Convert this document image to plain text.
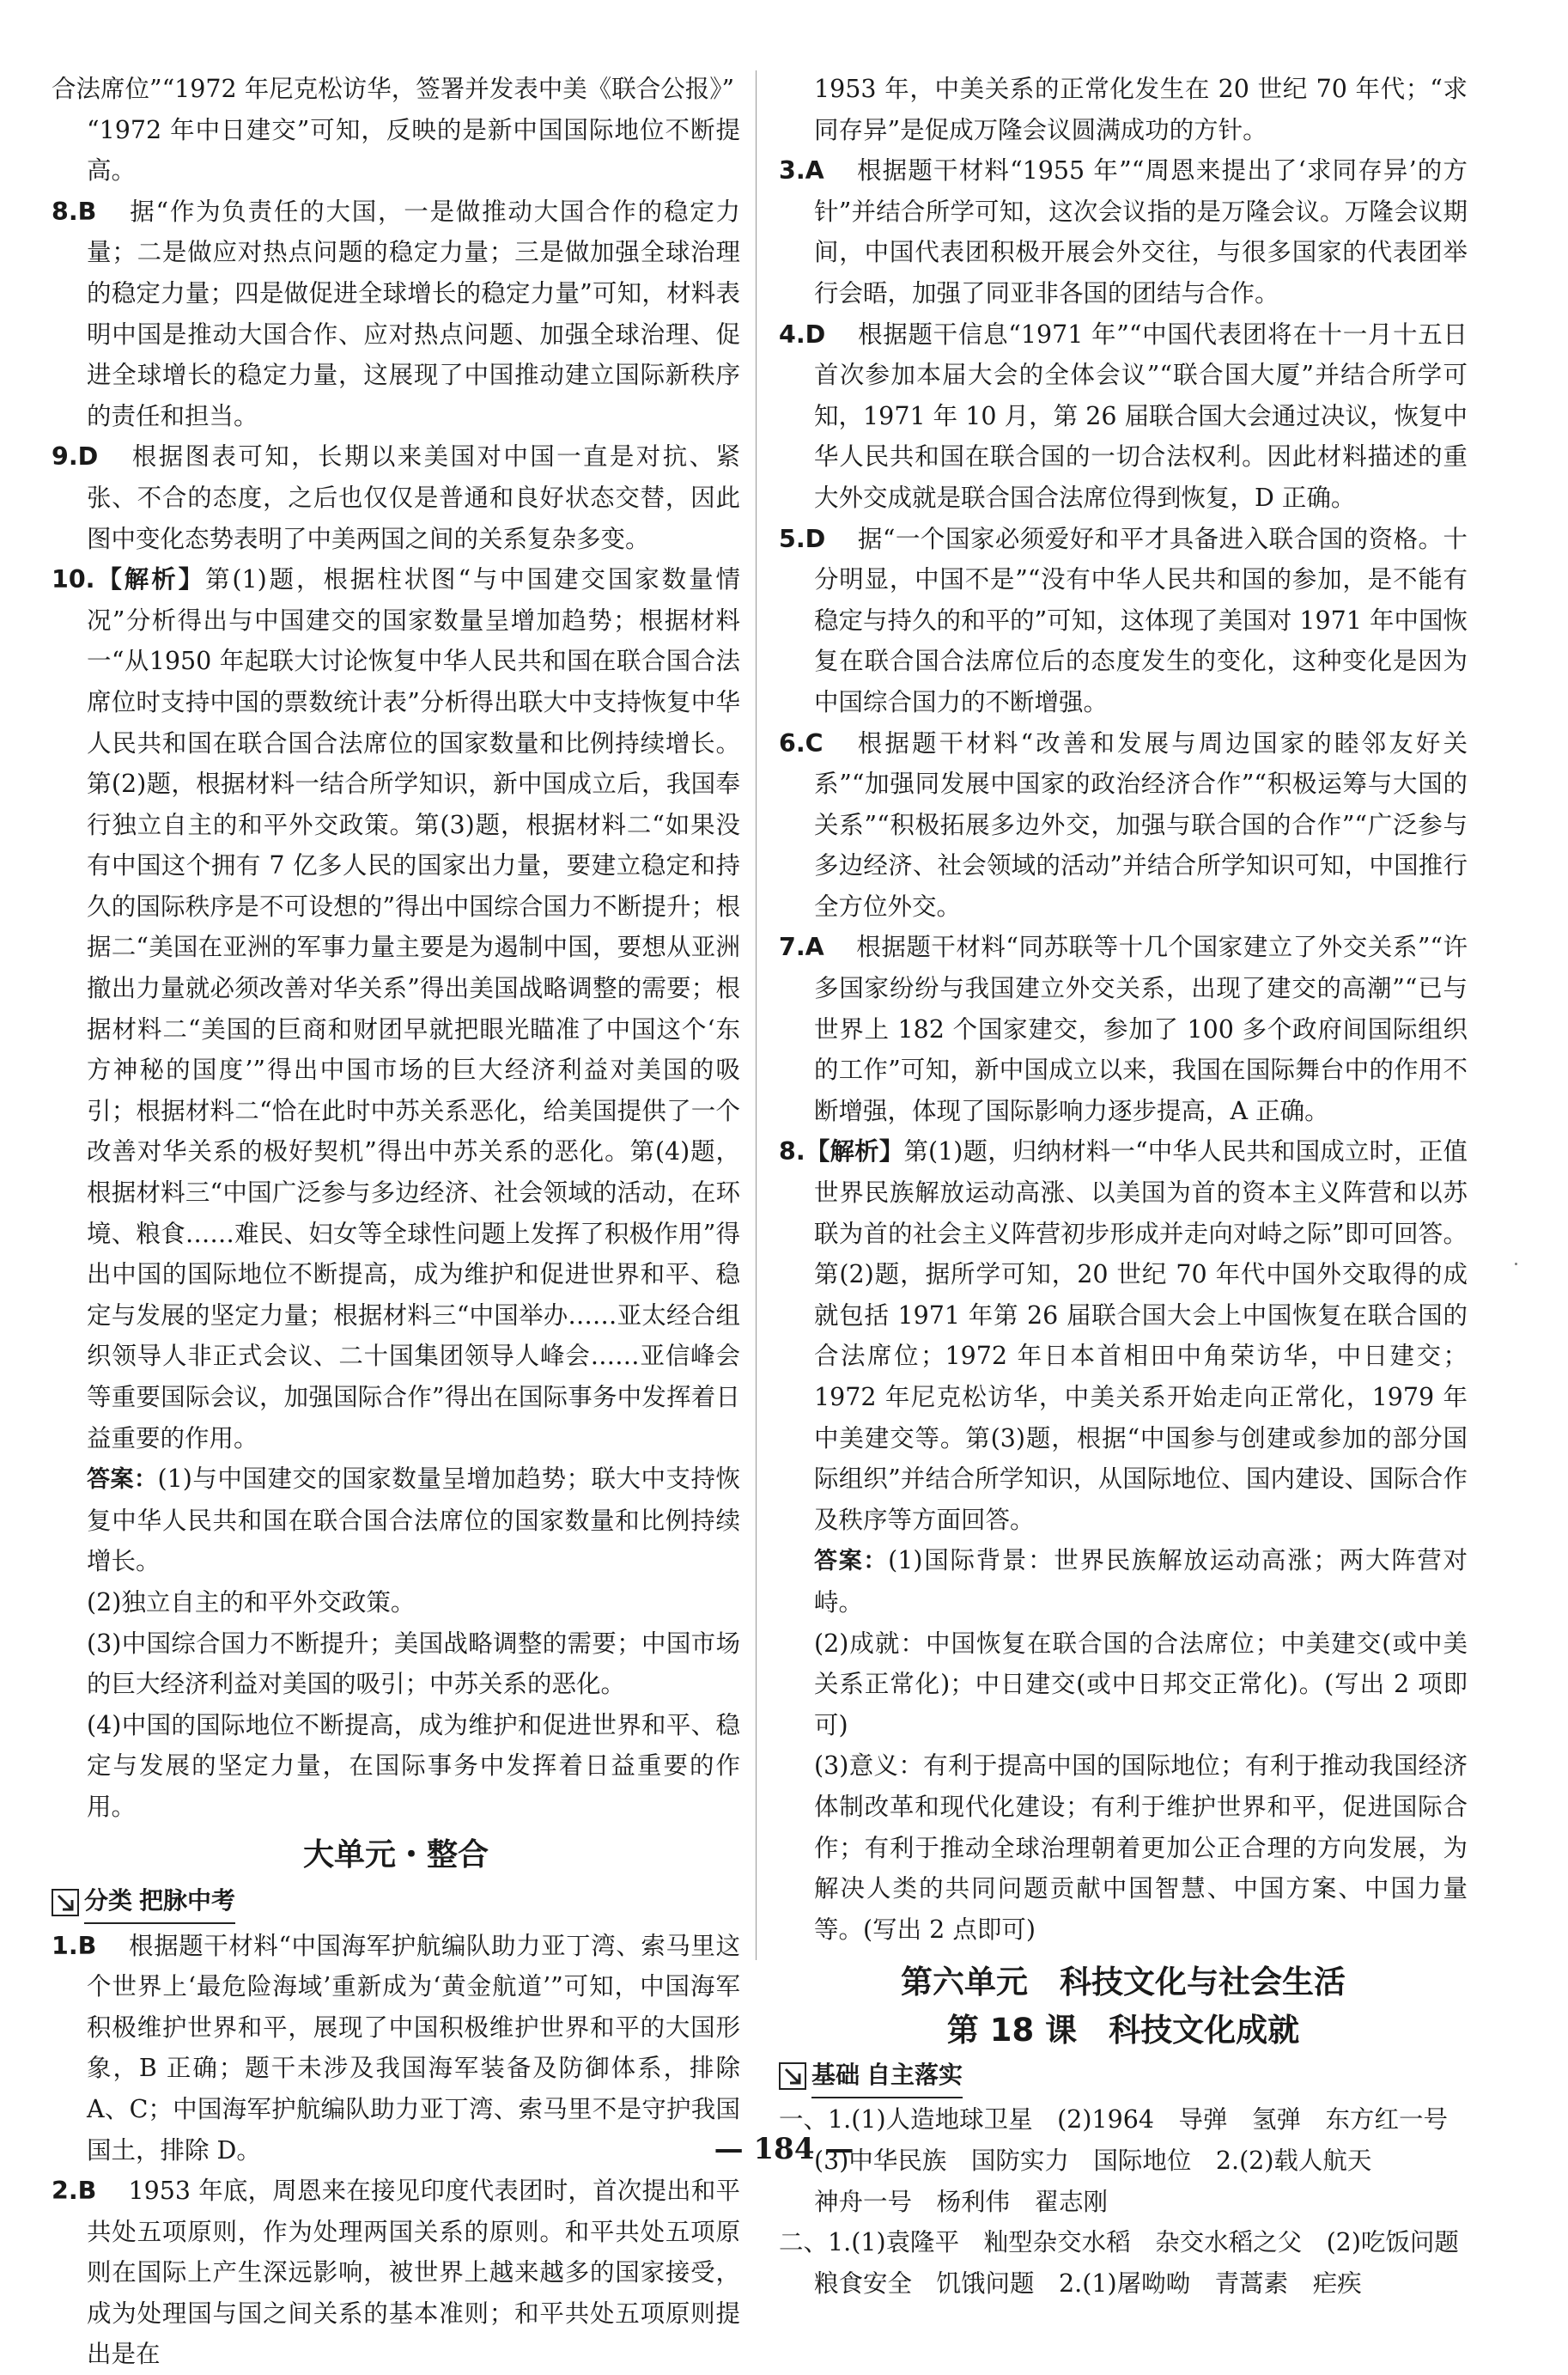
合法席位”“1972 年尼克松访华，签署并发表中美《联合公报》”

“1972 年中日建交”可知，反映的是新中国国际地位不断提高。

8.B 据“作为负责任的大国，一是做推动大国合作的稳定力量；二是做应对热点问题的稳定力量；三是做加强全球治理的稳定力量；四是做促进全球增长的稳定力量”可知，材料表明中国是推动大国合作、应对热点问题、加强全球治理、促进全球增长的稳定力量，这展现了中国推动建立国际新秩序的责任和担当。

9.D 根据图表可知，长期以来美国对中国一直是对抗、紧张、不合的态度，之后也仅仅是普通和良好状态交替，因此图中变化态势表明了中美两国之间的关系复杂多变。

10.【解析】第(1)题，根据柱状图“与中国建交国家数量情况”分析得出与中国建交的国家数量呈增加趋势；根据材料一“从1950 年起联大讨论恢复中华人民共和国在联合国合法席位时支持中国的票数统计表”分析得出联大中支持恢复中华人民共和国在联合国合法席位的国家数量和比例持续增长。第(2)题，根据材料一结合所学知识，新中国成立后，我国奉行独立自主的和平外交政策。第(3)题，根据材料二“如果没有中国这个拥有 7 亿多人民的国家出力量，要建立稳定和持久的国际秩序是不可设想的”得出中国综合国力不断提升；根据二“美国在亚洲的军事力量主要是为遏制中国，要想从亚洲撤出力量就必须改善对华关系”得出美国战略调整的需要；根据材料二“美国的巨商和财团早就把眼光瞄准了中国这个‘东方神秘的国度’”得出中国市场的巨大经济利益对美国的吸引；根据材料二“恰在此时中苏关系恶化，给美国提供了一个改善对华关系的极好契机”得出中苏关系的恶化。第(4)题，根据材料三“中国广泛参与多边经济、社会领域的活动，在环境、粮食……难民、妇女等全球性问题上发挥了积极作用”得出中国的国际地位不断提高，成为维护和促进世界和平、稳定与发展的坚定力量；根据材料三“中国举办……亚太经合组织领导人非正式会议、二十国集团领导人峰会……亚信峰会等重要国际会议，加强国际合作”得出在国际事务中发挥着日益重要的作用。

答案：(1)与中国建交的国家数量呈增加趋势；联大中支持恢复中华人民共和国在联合国合法席位的国家数量和比例持续增长。

(2)独立自主的和平外交政策。

(3)中国综合国力不断提升；美国战略调整的需要；中国市场的巨大经济利益对美国的吸引；中苏关系的恶化。

(4)中国的国际地位不断提高，成为维护和促进世界和平、稳定与发展的坚定力量，在国际事务中发挥着日益重要的作用。

大单元・整合
分类 把脉中考

1.B 根据题干材料“中国海军护航编队助力亚丁湾、索马里这个世界上‘最危险海域’重新成为‘黄金航道’”可知，中国海军积极维护世界和平，展现了中国积极维护世界和平的大国形象，B 正确；题干未涉及我国海军装备及防御体系，排除 A、C；中国海军护航编队助力亚丁湾、索马里不是守护我国国土，排除 D。

2.B 1953 年底，周恩来在接见印度代表团时，首次提出和平共处五项原则，作为处理两国关系的原则。和平共处五项原则在国际上产生深远影响，被世界上越来越多的国家接受，成为处理国与国之间关系的基本准则；和平共处五项原则提出是在

1953 年，中美关系的正常化发生在 20 世纪 70 年代；“求同存异”是促成万隆会议圆满成功的方针。

3.A 根据题干材料“1955 年”“周恩来提出了‘求同存异’的方针”并结合所学可知，这次会议指的是万隆会议。万隆会议期间，中国代表团积极开展会外交往，与很多国家的代表团举行会晤，加强了同亚非各国的团结与合作。

4.D 根据题干信息“1971 年”“中国代表团将在十一月十五日首次参加本届大会的全体会议”“联合国大厦”并结合所学可知，1971 年 10 月，第 26 届联合国大会通过决议，恢复中华人民共和国在联合国的一切合法权利。因此材料描述的重大外交成就是联合国合法席位得到恢复，D 正确。

5.D 据“一个国家必须爱好和平才具备进入联合国的资格。十分明显，中国不是”“没有中华人民共和国的参加，是不能有稳定与持久的和平的”可知，这体现了美国对 1971 年中国恢复在联合国合法席位后的态度发生的变化，这种变化是因为中国综合国力的不断增强。

6.C 根据题干材料“改善和发展与周边国家的睦邻友好关系”“加强同发展中国家的政治经济合作”“积极运筹与大国的关系”“积极拓展多边外交，加强与联合国的合作”“广泛参与多边经济、社会领域的活动”并结合所学知识可知，中国推行全方位外交。

7.A 根据题干材料“同苏联等十几个国家建立了外交关系”“许多国家纷纷与我国建立外交关系，出现了建交的高潮”“已与世界上 182 个国家建交，参加了 100 多个政府间国际组织的工作”可知，新中国成立以来，我国在国际舞台中的作用不断增强，体现了国际影响力逐步提高，A 正确。

8.【解析】第(1)题，归纳材料一“中华人民共和国成立时，正值世界民族解放运动高涨、以美国为首的资本主义阵营和以苏联为首的社会主义阵营初步形成并走向对峙之际”即可回答。第(2)题，据所学可知，20 世纪 70 年代中国外交取得的成就包括 1971 年第 26 届联合国大会上中国恢复在联合国的合法席位；1972 年日本首相田中角荣访华，中日建交；1972 年尼克松访华，中美关系开始走向正常化，1979 年中美建交等。第(3)题，根据“中国参与创建或参加的部分国际组织”并结合所学知识，从国际地位、国内建设、国际合作及秩序等方面回答。

答案：(1)国际背景：世界民族解放运动高涨；两大阵营对峙。

(2)成就：中国恢复在联合国的合法席位；中美建交(或中美关系正常化)；中日建交(或中日邦交正常化)。(写出 2 项即可)

(3)意义：有利于提高中国的国际地位；有利于推动我国经济体制改革和现代化建设；有利于维护世界和平，促进国际合作；有利于推动全球治理朝着更加公正合理的方向发展，为解决人类的共同问题贡献中国智慧、中国方案、中国力量等。(写出 2 点即可)

第六单元　科技文化与社会生活
第 18 课　科技文化成就
基础 自主落实

一、1.(1)人造地球卫星　(2)1964　导弹　氢弹　东方红一号

(3)中华民族　国防实力　国际地位　2.(2)载人航天

神舟一号　杨利伟　翟志刚

二、1.(1)袁隆平　籼型杂交水稻　杂交水稻之父　(2)吃饭问题

粮食安全　饥饿问题　2.(1)屠呦呦　青蒿素　疟疾

— 184 —
